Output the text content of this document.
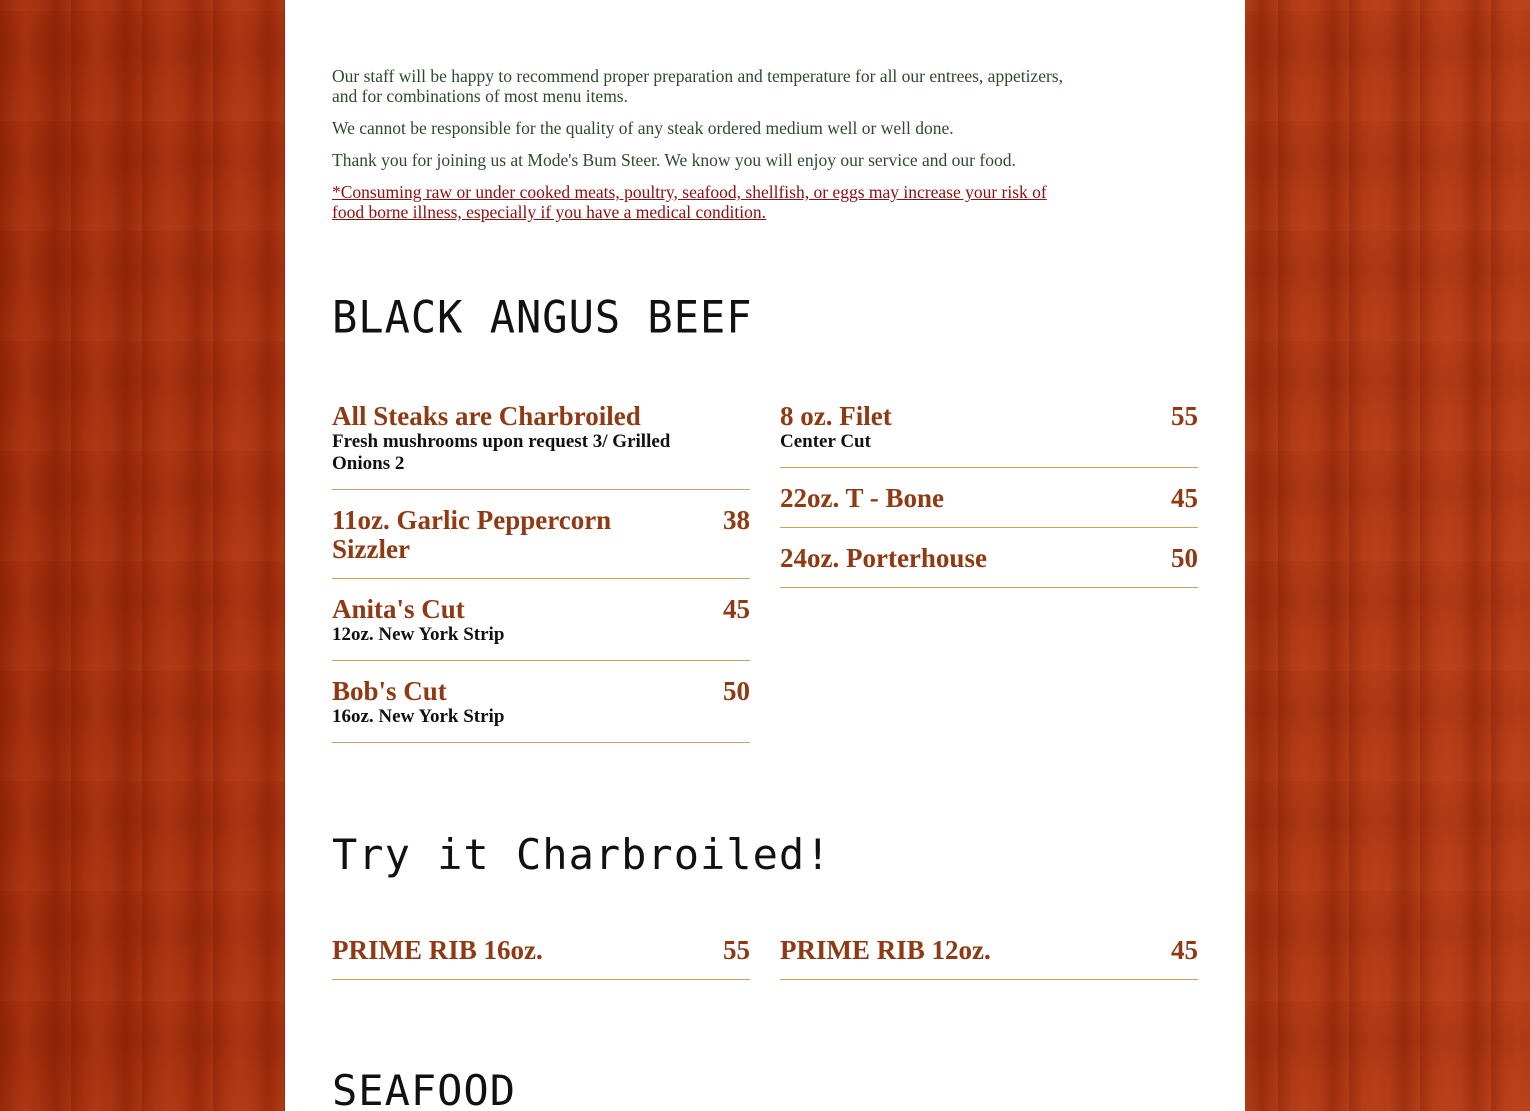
Our staff will be happy to recommend proper preparation and temperature for all our entrees, appetizers, and for combinations of most menu items.

We cannot be responsible for the quality of any steak ordered medium well or well done.

Thank you for joining us at Mode's Bum Steer. We know you will enjoy our service and our food.

*Consuming raw or under cooked meats, poultry, seafood, shellfish, or eggs may increase your risk of food borne illness, especially if you have a medical condition.

BLACK ANGUS BEEF
All Steaks are Charbroiled
Fresh mushrooms upon request 3/ Grilled Onions 2
11oz. Garlic Peppercorn Sizzler
38
Anita's Cut	45
12oz. New York Strip
Bob's Cut	50
16oz. New York Strip
8 oz. Filet	55
Center Cut
22oz. T - Bone	45
24oz. Porterhouse	50
Try it Charbroiled!
PRIME RIB 16oz.	55 PRIME RIB 12oz.	45
SEAFOOD
